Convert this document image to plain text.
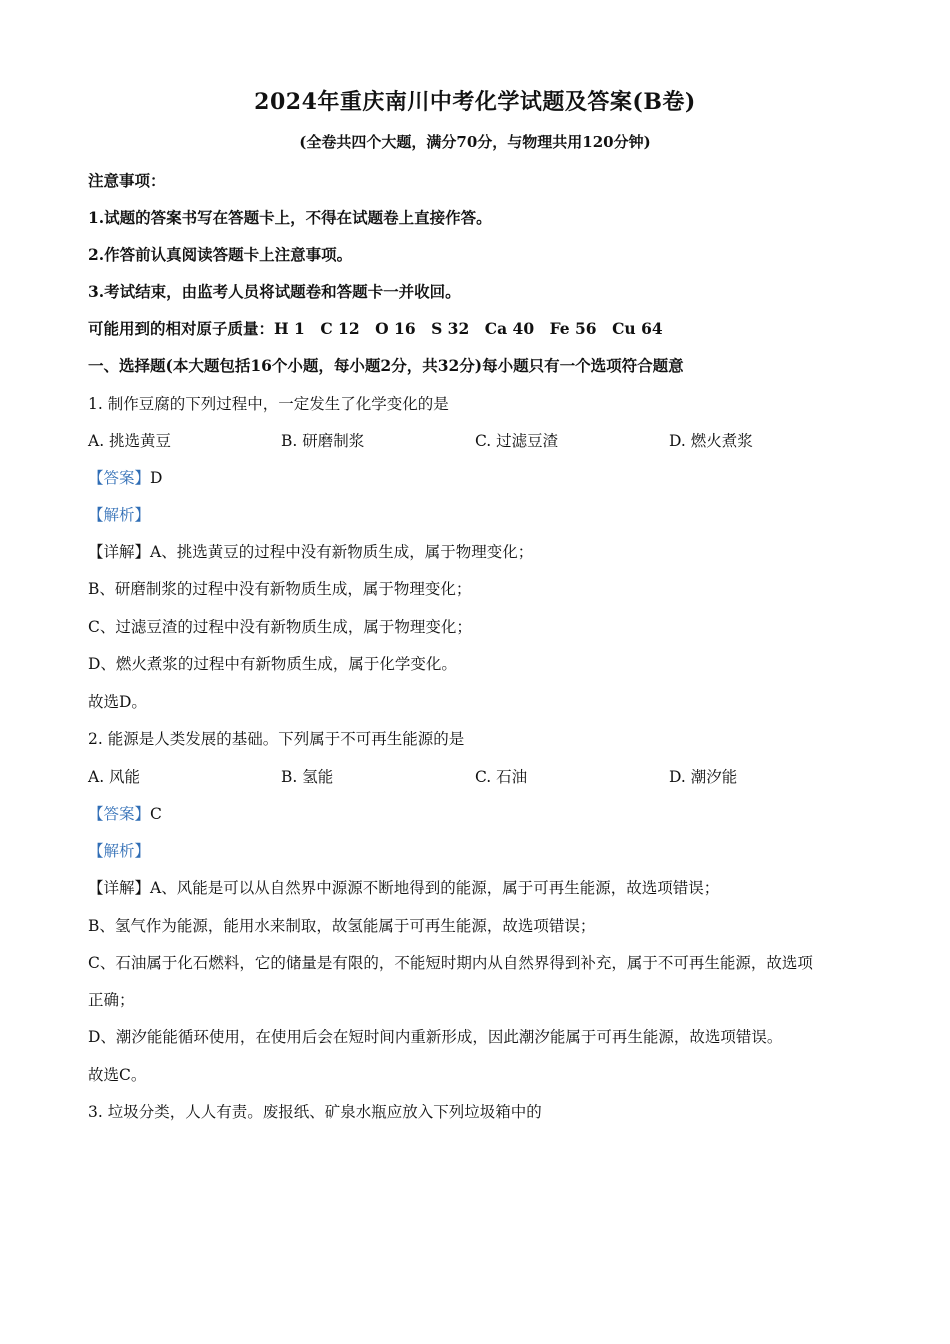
2024年重庆南川中考化学试题及答案(B卷)
(全卷共四个大题，满分70分，与物理共用120分钟)
注意事项：
1.试题的答案书写在答题卡上，不得在试题卷上直接作答。
2.作答前认真阅读答题卡上注意事项。
3.考试结束，由监考人员将试题卷和答题卡一并收回。
可能用到的相对原子质量：H 1　C 12　O 16　S 32　Ca 40　Fe 56　Cu 64
一、选择题(本大题包括16个小题，每小题2分，共32分)每小题只有一个选项符合题意
1. 制作豆腐的下列过程中，一定发生了化学变化的是
A. 挑选黄豆	B. 研磨制浆	C. 过滤豆渣	D. 燃火煮浆
【答案】D
【解析】
【详解】A、挑选黄豆的过程中没有新物质生成，属于物理变化；
B、研磨制浆的过程中没有新物质生成，属于物理变化；
C、过滤豆渣的过程中没有新物质生成，属于物理变化；
D、燃火煮浆的过程中有新物质生成，属于化学变化。
故选D。
2. 能源是人类发展的基础。下列属于不可再生能源的是
A. 风能	B. 氢能	C. 石油	D. 潮汐能
【答案】C
【解析】
【详解】A、风能是可以从自然界中源源不断地得到的能源，属于可再生能源，故选项错误；
B、氢气作为能源，能用水来制取，故氢能属于可再生能源，故选项错误；
C、石油属于化石燃料，它的储量是有限的，不能短时期内从自然界得到补充，属于不可再生能源，故选项
正确；
D、潮汐能能循环使用，在使用后会在短时间内重新形成，因此潮汐能属于可再生能源，故选项错误。
故选C。
3. 垃圾分类，人人有责。废报纸、矿泉水瓶应放入下列垃圾箱中的
